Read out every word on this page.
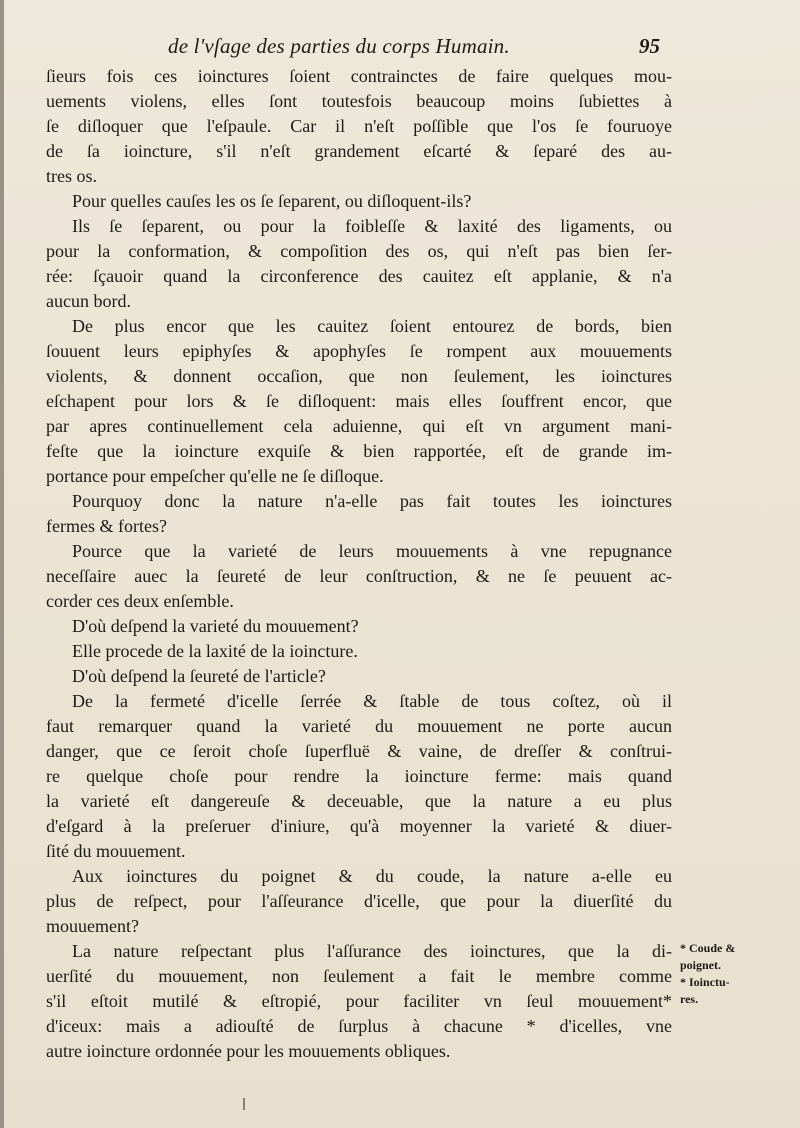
de l'vſage des parties du corps Humain.	95
ſieurs fois ces ioinctures ſoient contrainctes de faire quelques mou-
uements violens, elles ſont toutesfois beaucoup moins ſubiettes à
ſe diſloquer que l'eſpaule. Car il n'eſt poſſible que l'os ſe fouruoye
de ſa ioincture, s'il n'eſt grandement eſcarté & ſeparé des au-
tres os.
Pour quelles cauſes les os ſe ſeparent, ou diſloquent-ils?
Ils ſe ſeparent, ou pour la foibleſſe & laxité des ligaments, ou
pour la conformation, & compoſition des os, qui n'eſt pas bien ſer-
rée: ſçauoir quand la circonference des cauitez eſt applanie, & n'a
aucun bord.
De plus encor que les cauitez ſoient entourez de bords, bien
ſouuent leurs epiphyſes & apophyſes ſe rompent aux mouuements
violents, & donnent occaſion, que non ſeulement, les ioinctures
eſchapent pour lors & ſe diſloquent: mais elles ſouffrent encor, que
par apres continuellement cela aduienne, qui eſt vn argument mani-
feſte que la ioincture exquiſe & bien rapportée, eſt de grande im-
portance pour empeſcher qu'elle ne ſe diſloque.
Pourquoy donc la nature n'a-elle pas fait toutes les ioinctures
fermes & fortes?
Pource que la varieté de leurs mouuements à vne repugnance
neceſſaire auec la ſeureté de leur conſtruction, & ne ſe peuuent ac-
corder ces deux enſemble.
D'où deſpend la varieté du mouuement?
Elle procede de la laxité de la ioincture.
D'où deſpend la ſeureté de l'article?
De la fermeté d'icelle ſerrée & ſtable de tous coſtez, où il
faut remarquer quand la varieté du mouuement ne porte aucun
danger, que ce ſeroit choſe ſuperfluë & vaine, de dreſſer & conſtrui-
re quelque choſe pour rendre la ioincture ferme: mais quand
la varieté eſt dangereuſe & deceuable, que la nature a eu plus
d'eſgard à la preſeruer d'iniure, qu'à moyenner la varieté & diuer-
ſité du mouuement.
Aux ioinctures du poignet & du coude, la nature a-elle eu
plus de reſpect, pour l'aſſeurance d'icelle, que pour la diuerſité du
mouuement?
La nature reſpectant plus l'aſſurance des ioinctures, que la di-
uerſité du mouuement, non ſeulement a fait le membre comme
s'il eſtoit mutilé & eſtropié, pour faciliter vn ſeul mouuement*
d'iceux: mais a adiouſté de ſurplus à chacune * d'icelles, vne
autre ioincture ordonnée pour les mouuements obliques.
* Coude &
poignet.
* Ioinctu-
res.
